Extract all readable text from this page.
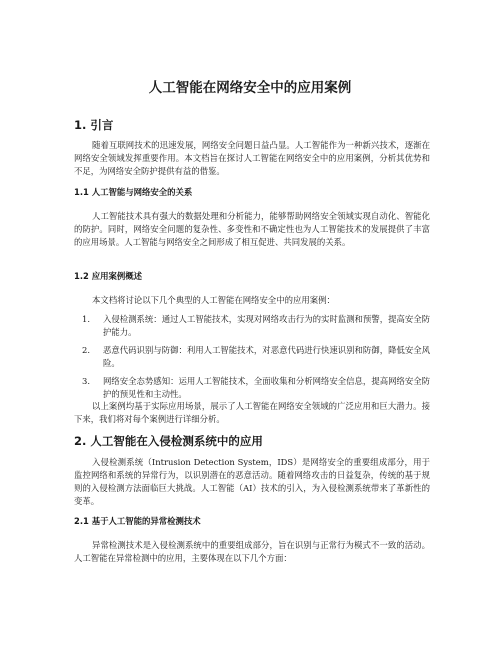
人工智能在网络安全中的应用案例
1. 引言

随着互联网技术的迅速发展，网络安全问题日益凸显。人工智能作为一种新兴技术，逐渐在网络安全领域发挥重要作用。本文档旨在探讨人工智能在网络安全中的应用案例，分析其优势和不足，为网络安全防护提供有益的借鉴。

1.1 人工智能与网络安全的关系

人工智能技术具有强大的数据处理和分析能力，能够帮助网络安全领域实现自动化、智能化的防护。同时，网络安全问题的复杂性、多变性和不确定性也为人工智能技术的发展提供了丰富的应用场景。人工智能与网络安全之间形成了相互促进、共同发展的关系。

1.2 应用案例概述

本文档将讨论以下几个典型的人工智能在网络安全中的应用案例：

1. 入侵检测系统：通过人工智能技术，实现对网络攻击行为的实时监测和预警，提高安全防护能力。
2. 恶意代码识别与防御：利用人工智能技术，对恶意代码进行快速识别和防御，降低安全风险。
3. 网络安全态势感知：运用人工智能技术，全面收集和分析网络安全信息，提高网络安全防护的预见性和主动性。

以上案例均基于实际应用场景，展示了人工智能在网络安全领域的广泛应用和巨大潜力。接下来，我们将对每个案例进行详细分析。

2. 人工智能在入侵检测系统中的应用

入侵检测系统（Intrusion Detection System，IDS）是网络安全的重要组成部分，用于监控网络和系统的异常行为，以识别潜在的恶意活动。随着网络攻击的日益复杂，传统的基于规则的入侵检测方法面临巨大挑战。人工智能（AI）技术的引入，为入侵检测系统带来了革新性的变革。

2.1 基于人工智能的异常检测技术

异常检测技术是入侵检测系统中的重要组成部分，旨在识别与正常行为模式不一致的活动。人工智能在异常检测中的应用，主要体现在以下几个方面：
